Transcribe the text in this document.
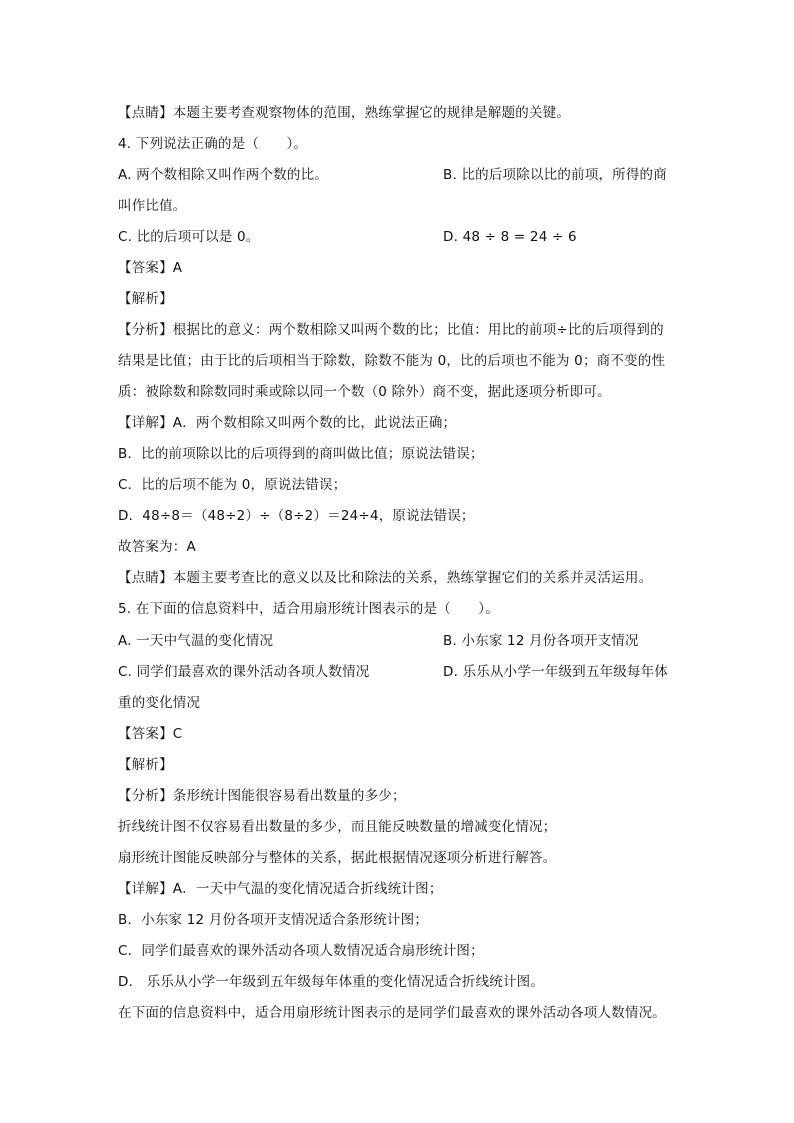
【点睛】本题主要考查观察物体的范围，熟练掌握它的规律是解题的关键。
4. 下列说法正确的是（　　）。
A. 两个数相除又叫作两个数的比。	B. 比的后项除以比的前项，所得的商
叫作比值。
C. 比的后项可以是 0。	D. 48 ÷ 8 = 24 ÷ 6
【答案】A
【解析】
【分析】根据比的意义：两个数相除又叫两个数的比；比值：用比的前项÷比的后项得到的
结果是比值；由于比的后项相当于除数，除数不能为 0，比的后项也不能为 0；商不变的性
质：被除数和除数同时乘或除以同一个数（0 除外）商不变，据此逐项分析即可。
【详解】A．两个数相除又叫两个数的比，此说法正确；
B．比的前项除以比的后项得到的商叫做比值；原说法错误；
C．比的后项不能为 0，原说法错误；
D．48÷8＝（48÷2）÷（8÷2）＝24÷4，原说法错误；
故答案为：A
【点睛】本题主要考查比的意义以及比和除法的关系，熟练掌握它们的关系并灵活运用。
5. 在下面的信息资料中，适合用扇形统计图表示的是（　　）。
A. 一天中气温的变化情况	B. 小东家 12 月份各项开支情况
C. 同学们最喜欢的课外活动各项人数情况	D. 乐乐从小学一年级到五年级每年体
重的变化情况
【答案】C
【解析】
【分析】条形统计图能很容易看出数量的多少；
折线统计图不仅容易看出数量的多少，而且能反映数量的增减变化情况；
扇形统计图能反映部分与整体的关系，据此根据情况逐项分析进行解答。
【详解】A．一天中气温的变化情况适合折线统计图；
B．小东家 12 月份各项开支情况适合条形统计图；
C．同学们最喜欢的课外活动各项人数情况适合扇形统计图；
D． 乐乐从小学一年级到五年级每年体重的变化情况适合折线统计图。
在下面的信息资料中，适合用扇形统计图表示的是同学们最喜欢的课外活动各项人数情况。
